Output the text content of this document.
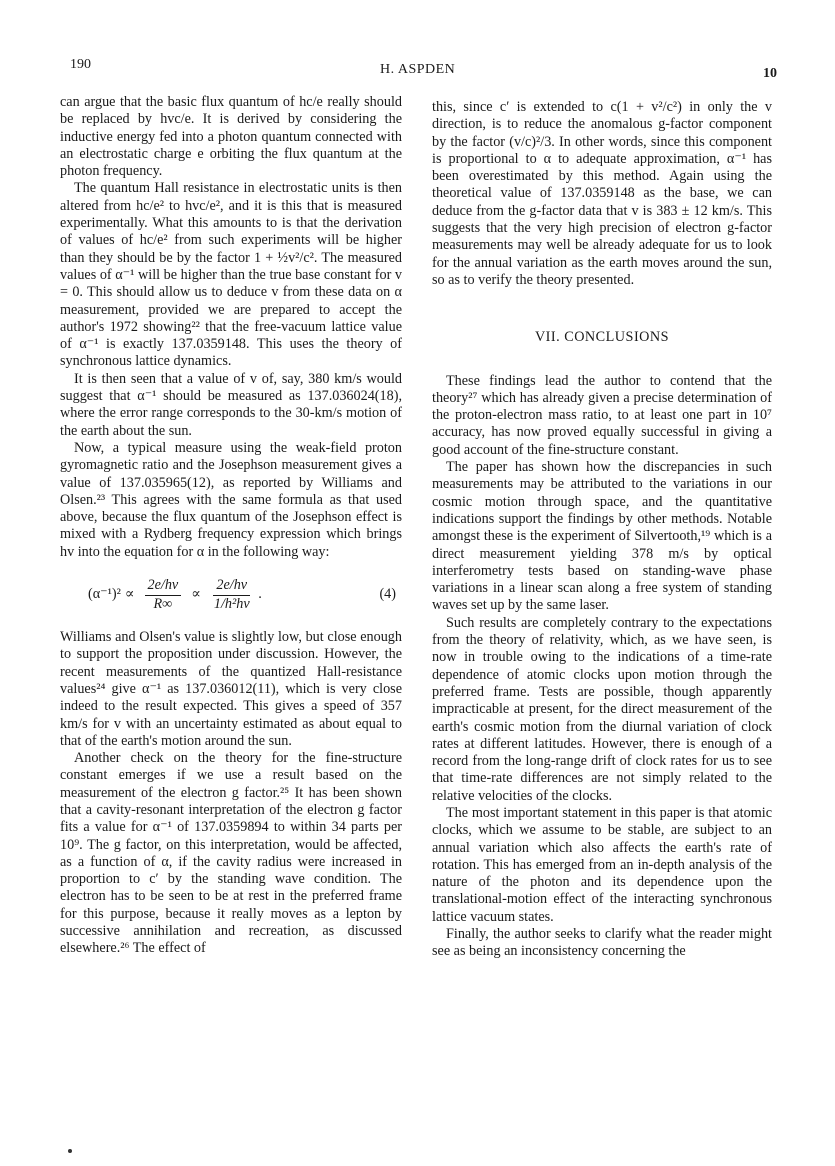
190	H. ASPDEN	10

can argue that the basic flux quantum of hc/e really should be replaced by hvc/e. It is derived by considering the inductive energy fed into a photon quantum connected with an electrostatic charge e orbiting the flux quantum at the photon frequency.

The quantum Hall resistance in electrostatic units is then altered from hc/e² to hvc/e², and it is this that is measured experimentally. What this amounts to is that the derivation of values of hc/e² from such experiments will be higher than they should be by the factor 1 + ½v²/c². The measured values of α⁻¹ will be higher than the true base constant for v = 0. This should allow us to deduce v from these data on α measurement, provided we are prepared to accept the author's 1972 showing²² that the free-vacuum lattice value of α⁻¹ is exactly 137.0359148. This uses the theory of synchronous lattice dynamics.

It is then seen that a value of v of, say, 380 km/s would suggest that α⁻¹ should be measured as 137.036024(18), where the error range corresponds to the 30-km/s motion of the earth about the sun.

Now, a typical measure using the weak-field proton gyromagnetic ratio and the Josephson measurement gives a value of 137.035965(12), as reported by Williams and Olsen.²³ This agrees with the same formula as that used above, because the flux quantum of the Josephson effect is mixed with a Rydberg frequency expression which brings hv into the equation for α in the following way:

$(\alpha^{-1})^2 \propto \frac{2e/hv}{R\infty} \propto \frac{2e/hv}{\text{1/h²hv}}$ .	(4)

Williams and Olsen's value is slightly low, but close enough to support the proposition under discussion. However, the recent measurements of the quantized Hall-resistance values²⁴ give α⁻¹ as 137.036012(11), which is very close indeed to the result expected. This gives a speed of 357 km/s for v with an uncertainty estimated as about equal to that of the earth's motion around the sun.

Another check on the theory for the fine-structure constant emerges if we use a result based on the measurement of the electron g factor.²⁵ It has been shown that a cavity-resonant interpretation of the electron g factor fits a value for α⁻¹ of 137.0359894 to within 34 parts per 10⁹. The g factor, on this interpretation, would be affected, as a function of α, if the cavity radius were increased in proportion to c′ by the standing wave condition. The electron has to be seen to be at rest in the preferred frame for this purpose, because it really moves as a lepton by successive annihilation and recreation, as discussed elsewhere.²⁶ The effect of

this, since c′ is extended to c(1 + v²/c²) in only the v direction, is to reduce the anomalous g-factor component by the factor (v/c)²/3. In other words, since this component is proportional to α to adequate approximation, α⁻¹ has been overestimated by this method. Again using the theoretical value of 137.0359148 as the base, we can deduce from the g-factor data that v is 383 ± 12 km/s. This suggests that the very high precision of electron g-factor measurements may well be already adequate for us to look for the annual variation as the earth moves around the sun, so as to verify the theory presented.

VII. CONCLUSIONS

These findings lead the author to contend that the theory²⁷ which has already given a precise determination of the proton-electron mass ratio, to at least one part in 10⁷ accuracy, has now proved equally successful in giving a good account of the fine-structure constant.

The paper has shown how the discrepancies in such measurements may be attributed to the variations in our cosmic motion through space, and the quantitative indications support the findings by other methods. Notable amongst these is the experiment of Silvertooth,¹⁹ which is a direct measurement yielding 378 m/s by optical interferometry tests based on standing-wave phase variations in a linear scan along a free system of standing waves set up by the same laser.

Such results are completely contrary to the expectations from the theory of relativity, which, as we have seen, is now in trouble owing to the indications of a time-rate dependence of atomic clocks upon motion through the preferred frame. Tests are possible, though apparently impracticable at present, for the direct measurement of the earth's cosmic motion from the diurnal variation of clock rates at different latitudes. However, there is enough of a record from the long-range drift of clock rates for us to see that time-rate differences are not simply related to the relative velocities of the clocks.

The most important statement in this paper is that atomic clocks, which we assume to be stable, are subject to an annual variation which also affects the earth's rate of rotation. This has emerged from an in-depth analysis of the nature of the photon and its dependence upon the translational-motion effect of the interacting synchronous lattice vacuum states.

Finally, the author seeks to clarify what the reader might see as being an inconsistency concerning the
